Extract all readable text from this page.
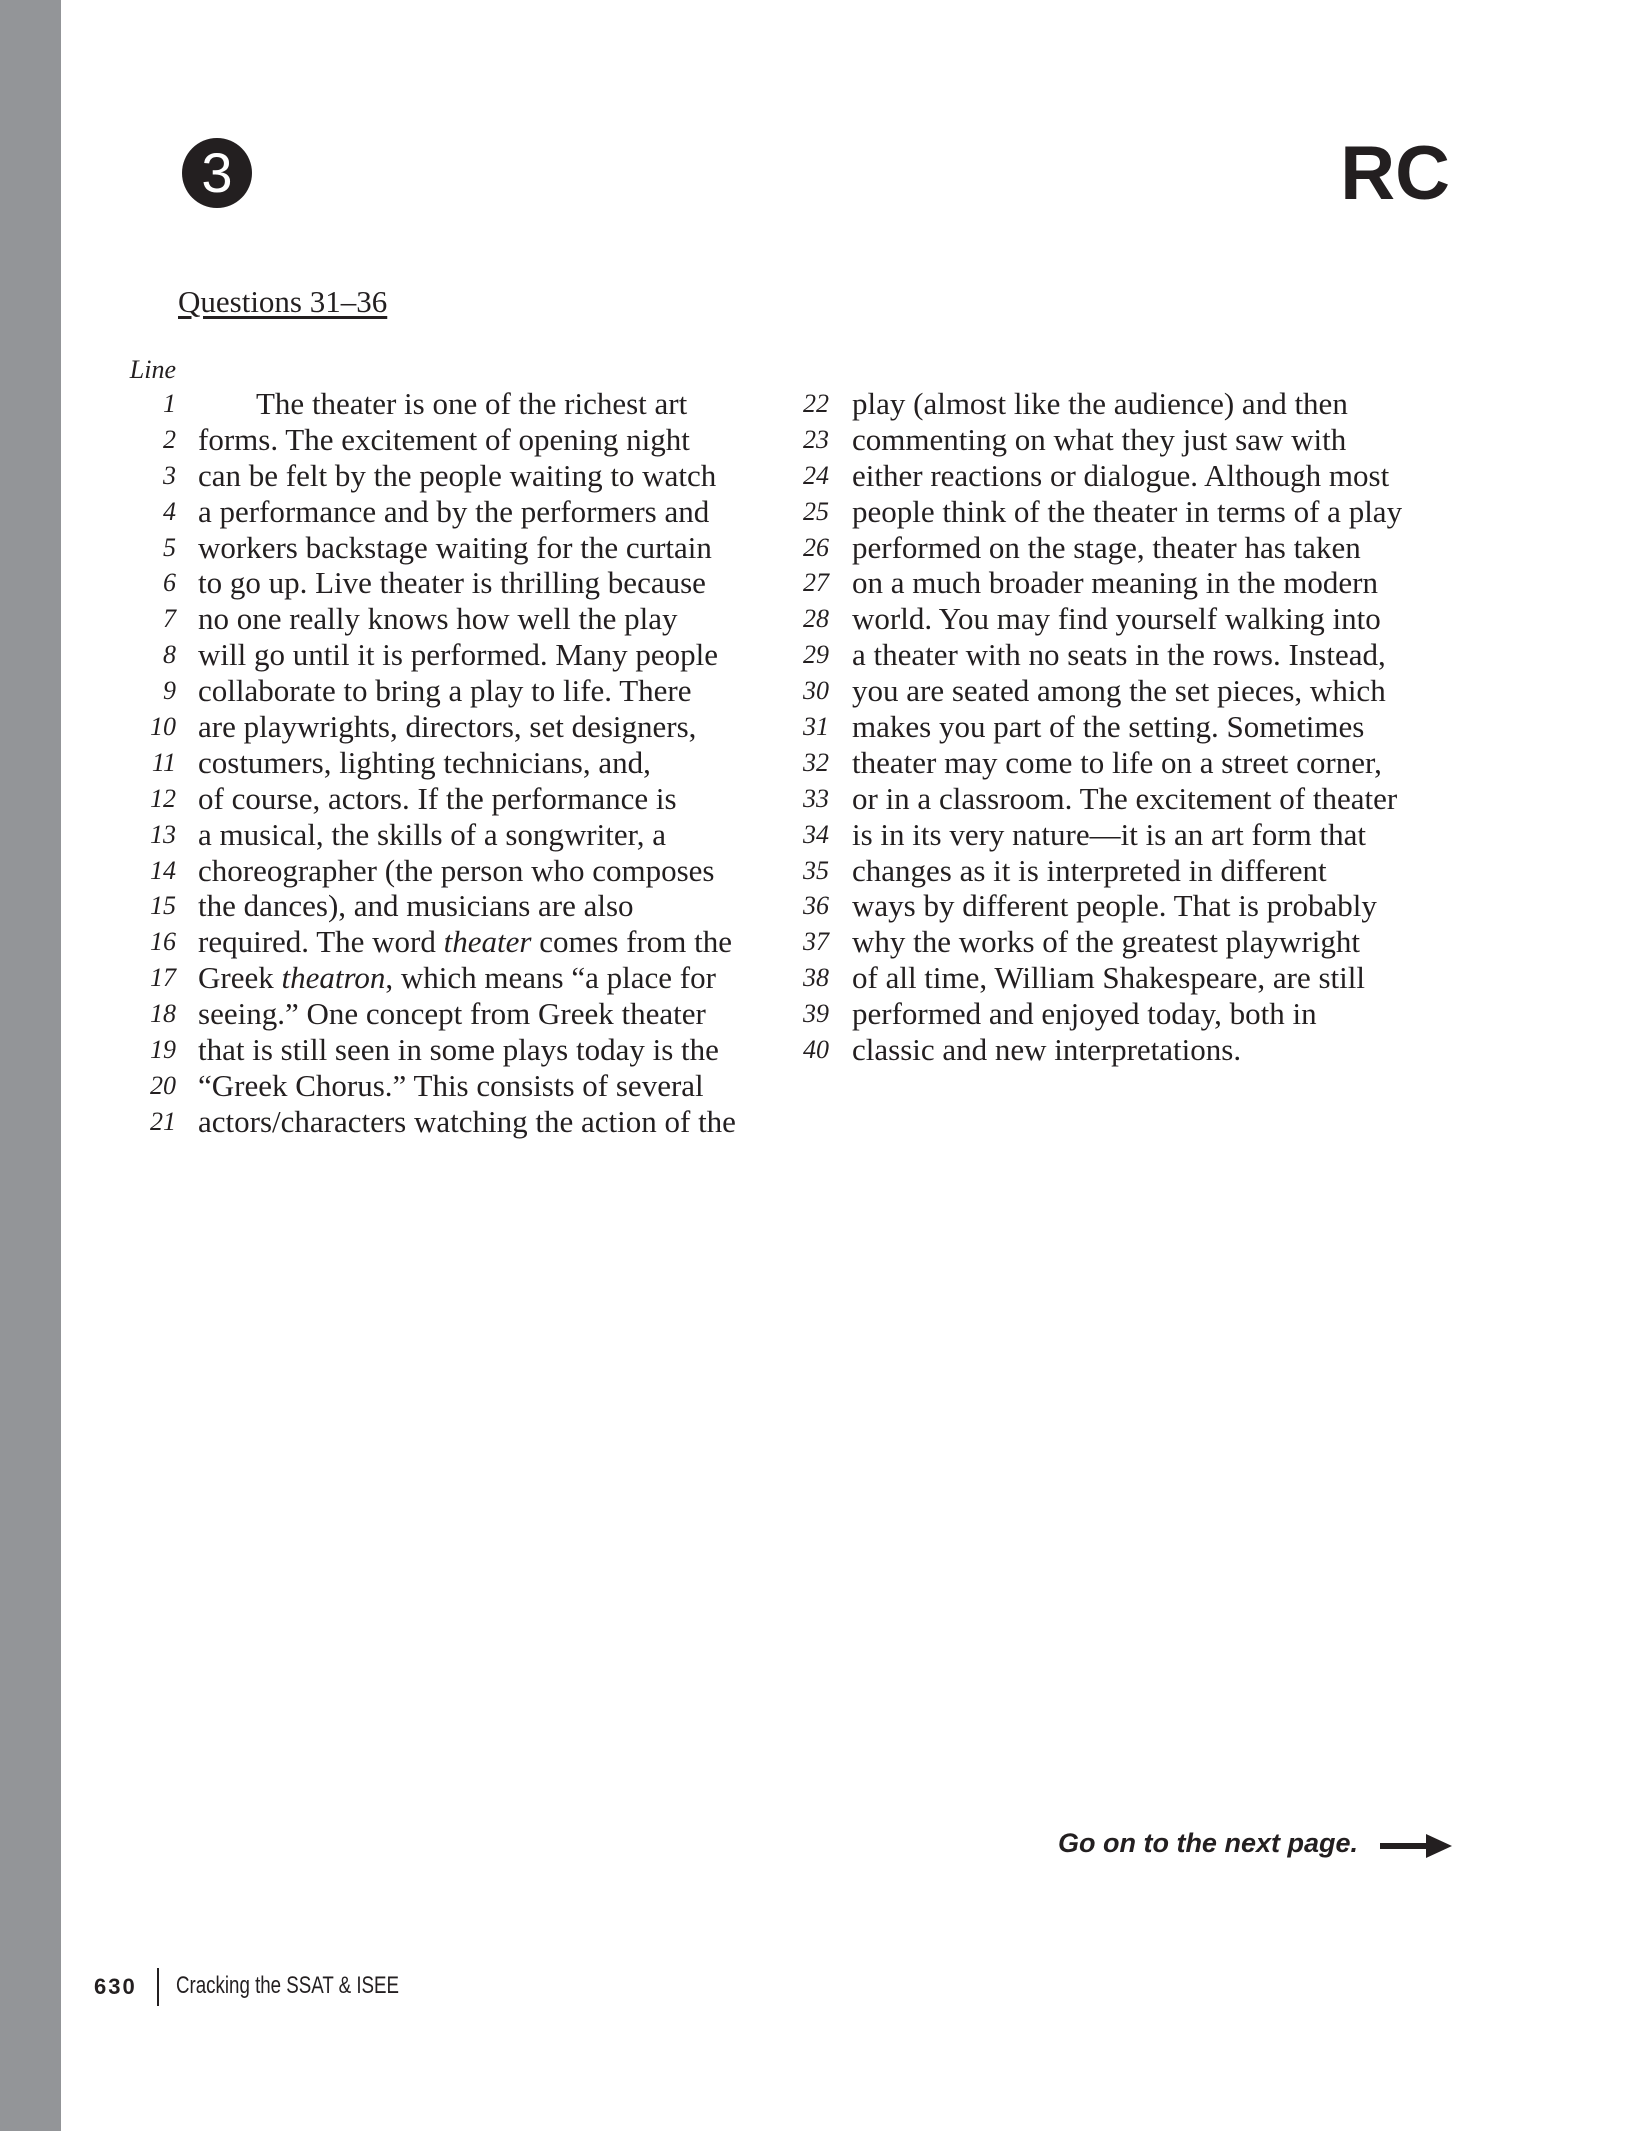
3	RC
Questions 31–36
Line
1	The theater is one of the richest art
2 forms. The excitement of opening night
3 can be felt by the people waiting to watch
4 a performance and by the performers and
5 workers backstage waiting for the curtain
6 to go up. Live theater is thrilling because
7 no one really knows how well the play
8 will go until it is performed. Many people
9 collaborate to bring a play to life. There
10 are playwrights, directors, set designers,
11 costumers, lighting technicians, and,
12 of course, actors. If the performance is
13 a musical, the skills of a songwriter, a
14 choreographer (the person who composes
15 the dances), and musicians are also
16 required. The word theater comes from the
17 Greek theatron, which means “a place for
18 seeing.” One concept from Greek theater
19 that is still seen in some plays today is the
20 “Greek Chorus.” This consists of several
21 actors/characters watching the action of the
22 play (almost like the audience) and then
23 commenting on what they just saw with
24 either reactions or dialogue. Although most
25 people think of the theater in terms of a play
26 performed on the stage, theater has taken
27 on a much broader meaning in the modern
28 world. You may find yourself walking into
29 a theater with no seats in the rows. Instead,
30 you are seated among the set pieces, which
31 makes you part of the setting. Sometimes
32 theater may come to life on a street corner,
33 or in a classroom. The excitement of theater
34 is in its very nature—it is an art form that
35 changes as it is interpreted in different
36 ways by different people. That is probably
37 why the works of the greatest playwright
38 of all time, William Shakespeare, are still
39 performed and enjoyed today, both in
40 classic and new interpretations.
Go on to the next page.
630 Cracking the SSAT & ISEE
